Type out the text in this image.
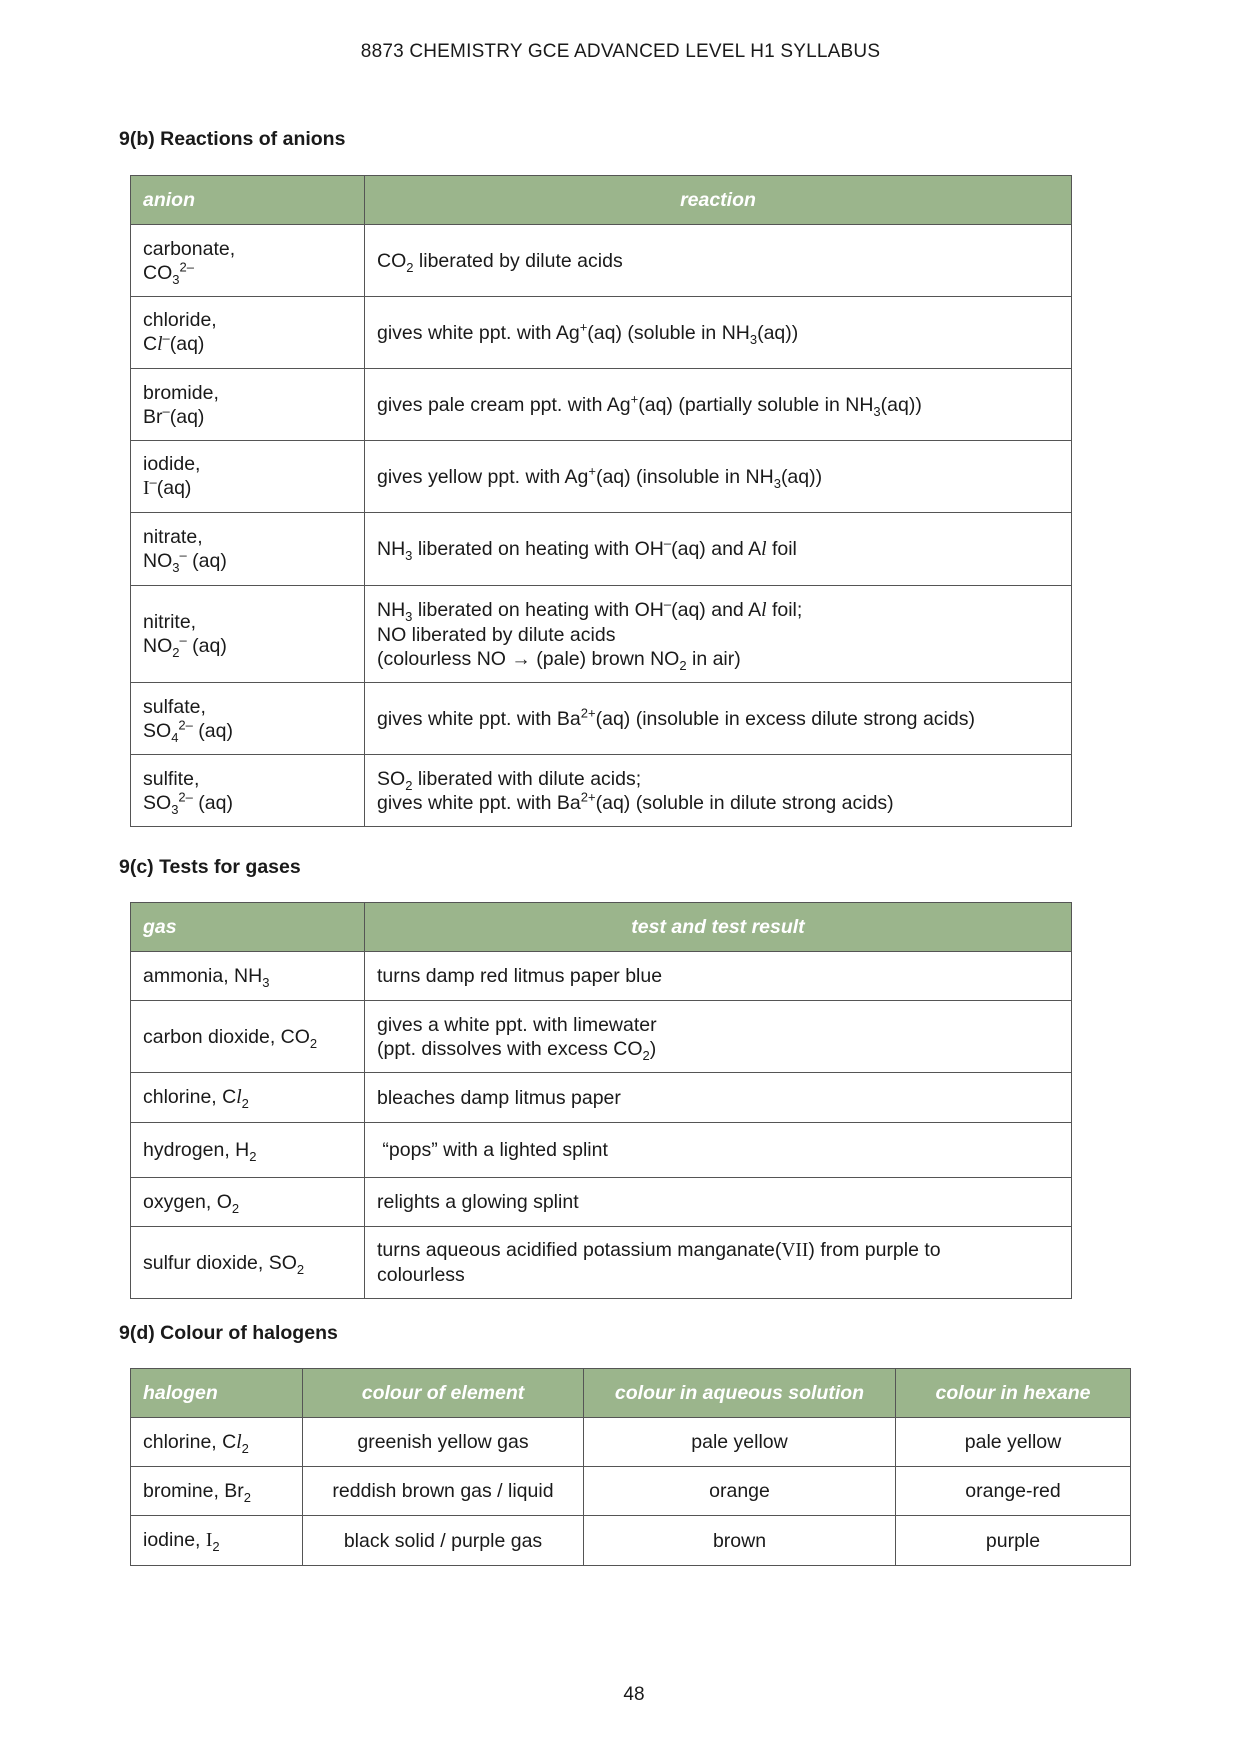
8873 CHEMISTRY GCE ADVANCED LEVEL H1 SYLLABUS
9(b) Reactions of anions
anion	reaction

carbonate,
$CO_3^{2-}$	$CO_2$ liberated by dilute acids

chloride,
Cl–(aq)	gives white ppt. with Ag+(aq) (soluble in $NH_3(aq)$)

bromide,
Br–(aq)	gives pale cream ppt. with Ag+(aq) (partially soluble in $NH_3(aq)$)

iodide,
I–(aq)	gives yellow ppt. with Ag+(aq) (insoluble in $NH_3(aq)$)

nitrate,
$NO_3^-$ (aq)	$NH_3$ liberated on heating with OH–(aq) and Al foil

nitrite,
$NO_2^-$ (aq)	$NH_3$ liberated on heating with OH–(aq) and Al foil;
NO liberated by dilute acids
(colourless NO → (pale) brown $NO_2$ in air)

sulfate,
$SO_4^{2-}$ (aq)	gives white ppt. with $Ba^{2+}(aq)$ (insoluble in excess dilute strong acids)

sulfite,
$SO_3^{2-}$ (aq)	$SO_2$ liberated with dilute acids;
gives white ppt. with $Ba^{2+}(aq)$ (soluble in dilute strong acids)
9(c) Tests for gases
gas	test and test result
ammonia, $NH_3$	turns damp red litmus paper blue

carbon dioxide, $CO_2$	gives a white ppt. with limewater
(ppt. dissolves with excess $CO_2$)

chlorine, $Cl_2$	bleaches damp litmus paper

hydrogen, $H_2$	“pops” with a lighted splint

oxygen, $O_2$	relights a glowing splint

sulfur dioxide, $SO_2$	turns aqueous acidified potassium manganate(VII) from purple to
colourless
9(d) Colour of halogens
halogen	colour of element	colour in aqueous solution	colour in hexane
chlorine, $Cl_2$	greenish yellow gas	pale yellow	pale yellow
bromine, $Br_2$	reddish brown gas / liquid	orange	orange-red
iodine, $I_2$	black solid / purple gas	brown	purple
48
